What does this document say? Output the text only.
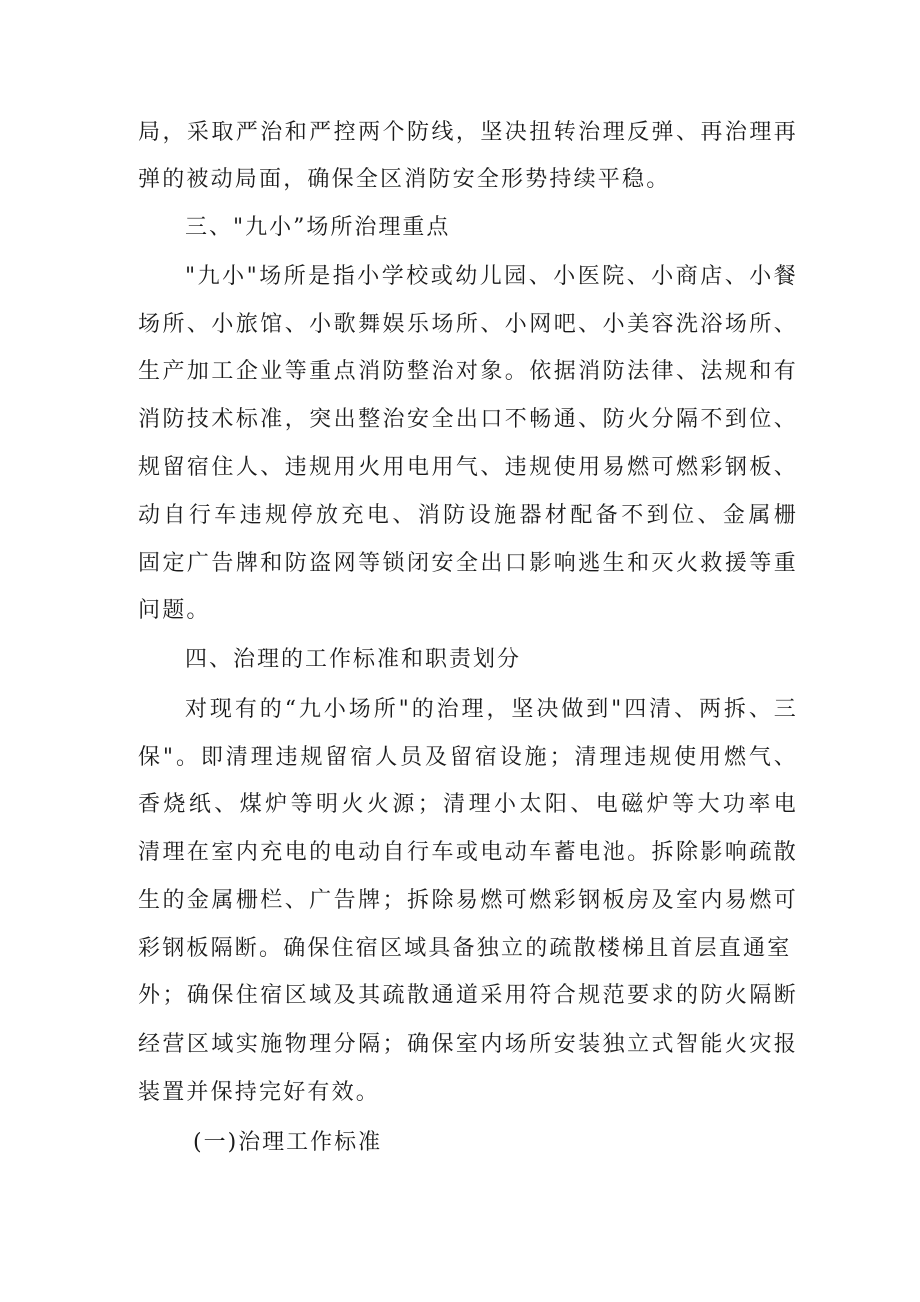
局，采取严治和严控两个防线，坚决扭转治理反弹、再治理再
弹的被动局面，确保全区消防安全形势持续平稳。
三、"九小”场所治理重点
"九小"场所是指小学校或幼儿园、小医院、小商店、小餐
场所、小旅馆、小歌舞娱乐场所、小网吧、小美容洗浴场所、
生产加工企业等重点消防整治对象。依据消防法律、法规和有
消防技术标准，突出整治安全出口不畅通、防火分隔不到位、
规留宿住人、违规用火用电用气、违规使用易燃可燃彩钢板、
动自行车违规停放充电、消防设施器材配备不到位、金属栅
固定广告牌和防盗网等锁闭安全出口影响逃生和灭火救援等重
问题。
四、治理的工作标准和职责划分
对现有的“九小场所"的治理，坚决做到"四清、两拆、三
保"。即清理违规留宿人员及留宿设施；清理违规使用燃气、
香烧纸、煤炉等明火火源；清理小太阳、电磁炉等大功率电
清理在室内充电的电动自行车或电动车蓄电池。拆除影响疏散
生的金属栅栏、广告牌；拆除易燃可燃彩钢板房及室内易燃可
彩钢板隔断。确保住宿区域具备独立的疏散楼梯且首层直通室
外；确保住宿区域及其疏散通道采用符合规范要求的防火隔断
经营区域实施物理分隔；确保室内场所安装独立式智能火灾报
装置并保持完好有效。
(一)治理工作标准
